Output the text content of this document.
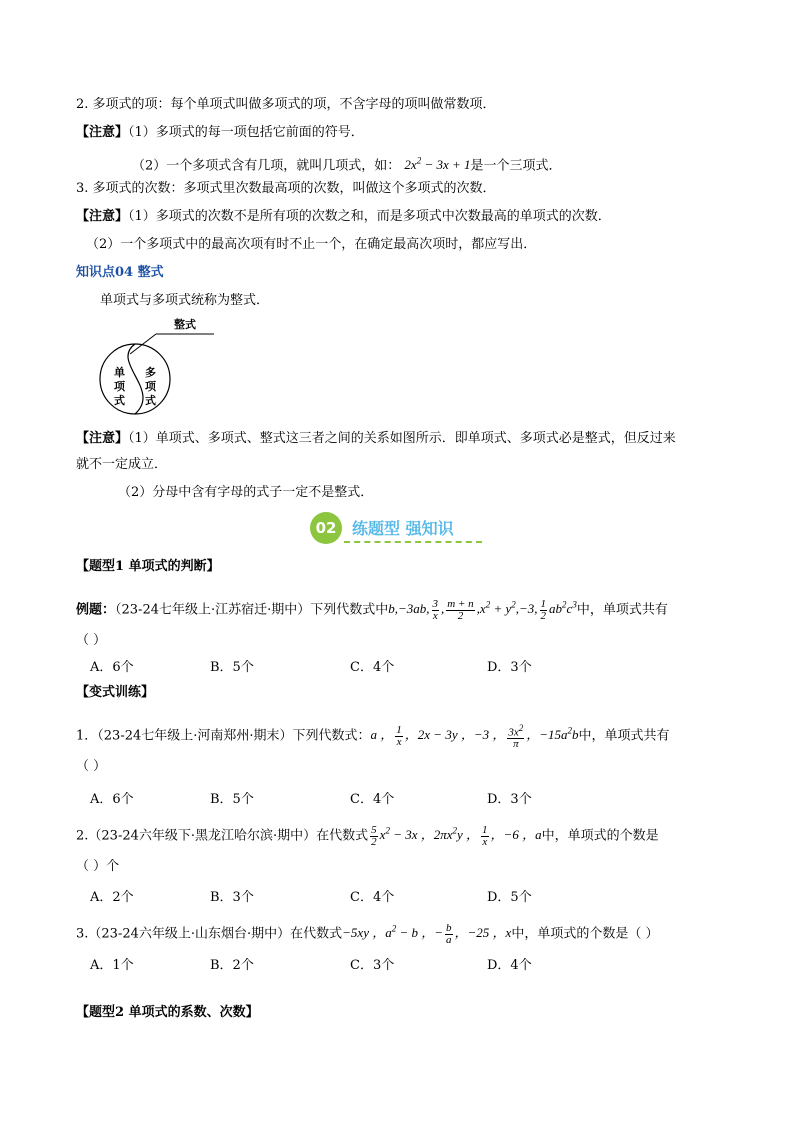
2. 多项式的项：每个单项式叫做多项式的项，不含字母的项叫做常数项．
【注意】（1）多项式的每一项包括它前面的符号．
（2）一个多项式含有几项，就叫几项式，如： $2x^2 - 3x + 1$是一个三项式．
3. 多项式的次数：多项式里次数最高项的次数，叫做这个多项式的次数．
【注意】（1）多项式的次数不是所有项的次数之和，而是多项式中次数最高的单项式的次数．
（2）一个多项式中的最高次项有时不止一个，在确定最高次项时，都应写出．
知识点04 整式
单项式与多项式统称为整式．
整式
单
项
式
多
项
式
【注意】（1）单项式、多项式、整式这三者之间的关系如图所示．即单项式、多项式必是整式，但反过来
就不一定成立．
（2）分母中含有字母的式子一定不是整式．
02 练题型 强知识
【题型1 单项式的判断】
例题：（23-24七年级上·江苏宿迁·期中）下列代数式中b,−3ab, $\frac{3}{x}$ , $\frac{m + n}{2} ,x^2 + y^2,-3$, $\frac{1}{2} ab^2c^3$中，单项式共有
（ ）
A．6个	B．5个	C．4个	D．3个
【变式训练】
1．（23-24七年级上·河南郑州·期末）下列代数式：a ， $\frac{1}{x}$ ，2x − 3y ，−3 ， $\frac{3x^2}{\pi}$ ，$-15a^2b$中，单项式共有
（ ）
A．6个	B．5个	C．4个	D．3个
2.（23-24六年级下·黑龙江哈尔滨·期中）在代数式 $\frac{5}{2} x^2 - 3x$ ，$2\pi x^2y$ ， $\frac{1}{x}$ ，−6 ，a中，单项式的个数是
（ ）个
A．2个	B．3个	C．4个	D．5个
3.（23-24六年级上·山东烟台·期中）在代数式−5xy ，$a^2 - b$ ，− $\frac{b}{a}$ ，−25 ，x中，单项式的个数是（ ）
A．1个	B．2个	C．3个	D．4个
【题型2 单项式的系数、次数】
